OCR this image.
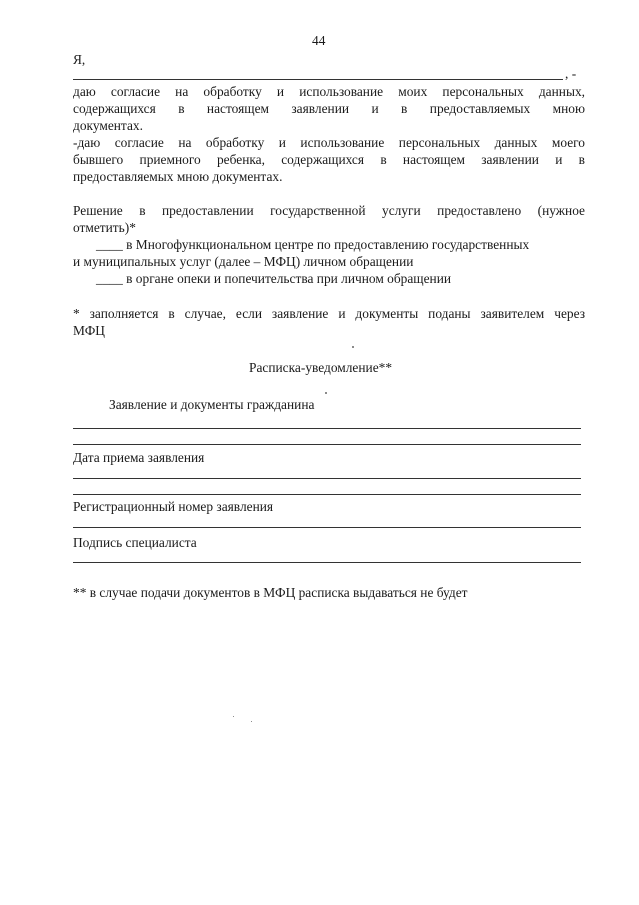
44

Я,

, -

даю согласие на обработку и использование моих персональных данных,

содержащихся в настоящем заявлении и в предоставляемых мною

документах.

-даю согласие на обработку и использование персональных данных моего

бывшего приемного ребенка, содержащихся в настоящем заявлении и в

предоставляемых мною документах.

Решение в предоставлении государственной услуги предоставлено (нужное

отметить)*

____ в Многофункциональном центре по предоставлению государственных

и муниципальных услуг (далее – МФЦ) личном обращении

____ в органе опеки и попечительства при личном обращении

* заполняется в случае, если заявление и документы поданы заявителем через

МФЦ

Расписка-уведомление**

Заявление и документы гражданина

Дата приема заявления

Регистрационный номер заявления

Подпись специалиста

** в случае подачи документов в МФЦ расписка выдаваться не будет
